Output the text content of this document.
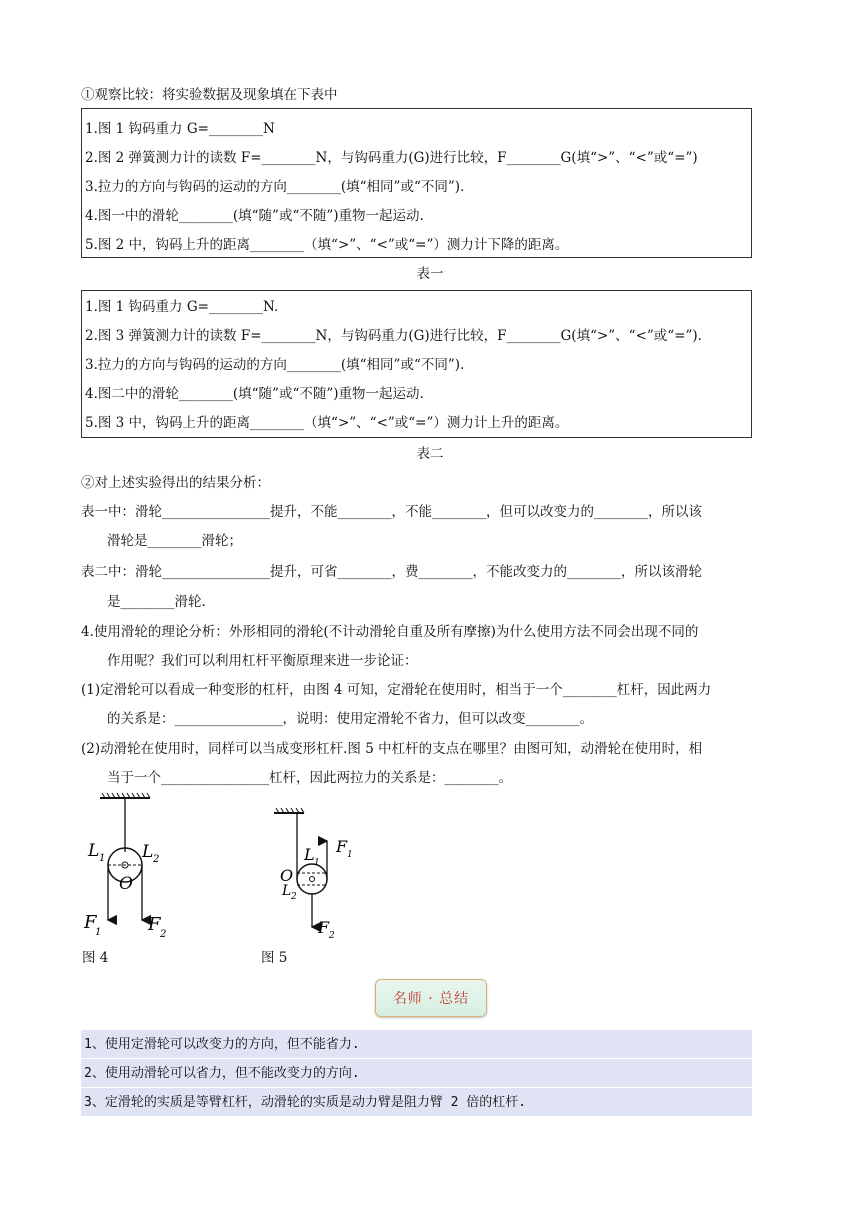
①观察比较：将实验数据及现象填在下表中
1.图 1 钩码重力 G=________N
2.图 2 弹簧测力计的读数 F=________N，与钩码重力(G)进行比较，F________G(填“>”、“<”或“=”)
3.拉力的方向与钩码的运动的方向________(填“相同”或“不同”).
4.图一中的滑轮________(填“随”或“不随”)重物一起运动.
5.图 2 中，钩码上升的距离________（填“>”、“<”或“=”）测力计下降的距离。
表一
1.图 1 钩码重力 G=________N.
2.图 3 弹簧测力计的读数 F=________N，与钩码重力(G)进行比较，F________G(填“>”、“<”或“=”).
3.拉力的方向与钩码的运动的方向________(填“相同”或“不同”).
4.图二中的滑轮________(填“随”或“不随”)重物一起运动.
5.图 3 中，钩码上升的距离________（填“>”、“<”或“=”）测力计上升的距离。
表二
②对上述实验得出的结果分析：
表一中：滑轮________________提升，不能________，不能________，但可以改变力的________，所以该
滑轮是________滑轮；
表二中：滑轮________________提升，可省________，费________，不能改变力的________，所以该滑轮
是________滑轮.
4.使用滑轮的理论分析：外形相同的滑轮(不计动滑轮自重及所有摩擦)为什么使用方法不同会出现不同的
作用呢？我们可以利用杠杆平衡原理来进一步论证：
(1)定滑轮可以看成一种变形的杠杆，由图 4 可知，定滑轮在使用时，相当于一个________杠杆，因此两力
的关系是：________________，说明：使用定滑轮不省力，但可以改变________。
(2)动滑轮在使用时，同样可以当成变形杠杆.图 5 中杠杆的支点在哪里？由图可知，动滑轮在使用时，相
当于一个________________杠杆，因此两拉力的关系是：________。
L 1 L 2
O
F
1	F 2
图 4
L 1
F 1
O
L 2
F 2
图 5
名师 · 总结
1、使用定滑轮可以改变力的方向，但不能省力.
2、使用动滑轮可以省力，但不能改变力的方向.
3、定滑轮的实质是等臂杠杆，动滑轮的实质是动力臂是阻力臂 2 倍的杠杆.
